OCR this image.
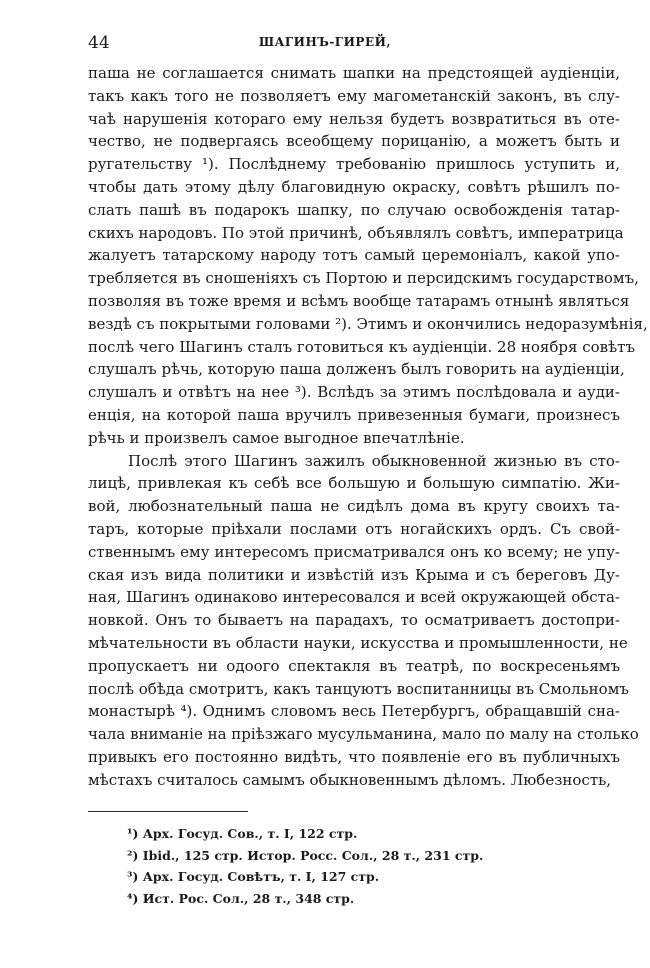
44	ШАГИНЪ-ГИРЕЙ,
паша не соглашается снимать шапки на предстоящей аудіенціи,
такъ какъ того не позволяетъ ему магометанскій законъ, въ слу-
чаѣ нарушенія котораго ему нельзя будетъ возвратиться въ оте-
чество, не подвергаясь всеобщему порицанію, а можетъ быть и
ругательству ¹). Послѣднему требованію пришлось уступить и,
чтобы дать этому дѣлу благовидную окраску, совѣтъ рѣшилъ по-
слать пашѣ въ подарокъ шапку, по случаю освобожденія татар-
скихъ народовъ. По этой причинѣ, объявлялъ совѣтъ, императрица
жалуетъ татарскому народу тотъ самый церемоніалъ, какой упо-
требляется въ сношеніяхъ съ Портою и персидскимъ государствомъ,
позволяя въ тоже время и всѣмъ вообще татарамъ отнынѣ являться
вездѣ съ покрытыми головами ²). Этимъ и окончились недоразумѣнія,
послѣ чего Шагинъ сталъ готовиться къ аудіенціи. 28 ноября совѣтъ
слушалъ рѣчь, которую паша долженъ былъ говорить на аудіенціи,
слушалъ и отвѣтъ на нее ³). Вслѣдъ за этимъ послѣдовала и ауди-
енція, на которой паша вручилъ привезенныя бумаги, произнесъ
рѣчь и произвелъ самое выгодное впечатлѣніе.
Послѣ этого Шагинъ зажилъ обыкновенной жизнью въ сто-
лицѣ, привлекая къ себѣ все большую и большую симпатію. Жи-
вой, любознательный паша не сидѣлъ дома въ кругу своихъ та-
таръ, которые пріѣхали послами отъ ногайскихъ ордъ. Съ свой-
ственнымъ ему интересомъ присматривался онъ ко всему; не упу-
ская изъ вида политики и извѣстій изъ Крыма и съ береговъ Ду-
ная, Шагинъ одинаково интересовался и всей окружающей обста-
новкой. Онъ то бываетъ на парадахъ, то осматриваетъ достопри-
мѣчательности въ области науки, искусства и промышленности, не
пропускаетъ ни одоого спектакля въ театрѣ, по воскресеньямъ
послѣ обѣда смотритъ, какъ танцуютъ воспитанницы въ Смольномъ
монастырѣ ⁴). Однимъ словомъ весь Петербургъ, обращавшій сна-
чала вниманіе на пріѣзжаго мусульманина, мало по малу на столько
привыкъ его постоянно видѣть, что появленіе его въ публичныхъ
мѣстахъ считалось самымъ обыкновеннымъ дѣломъ. Любезность,
¹) Арх. Госуд. Сов., т. I, 122 стр.
²) Ibid., 125 стр. Истор. Росс. Сол., 28 т., 231 стр.
³) Арх. Госуд. Совѣтъ, т. I, 127 стр.
⁴) Ист. Рос. Сол., 28 т., 348 стр.
